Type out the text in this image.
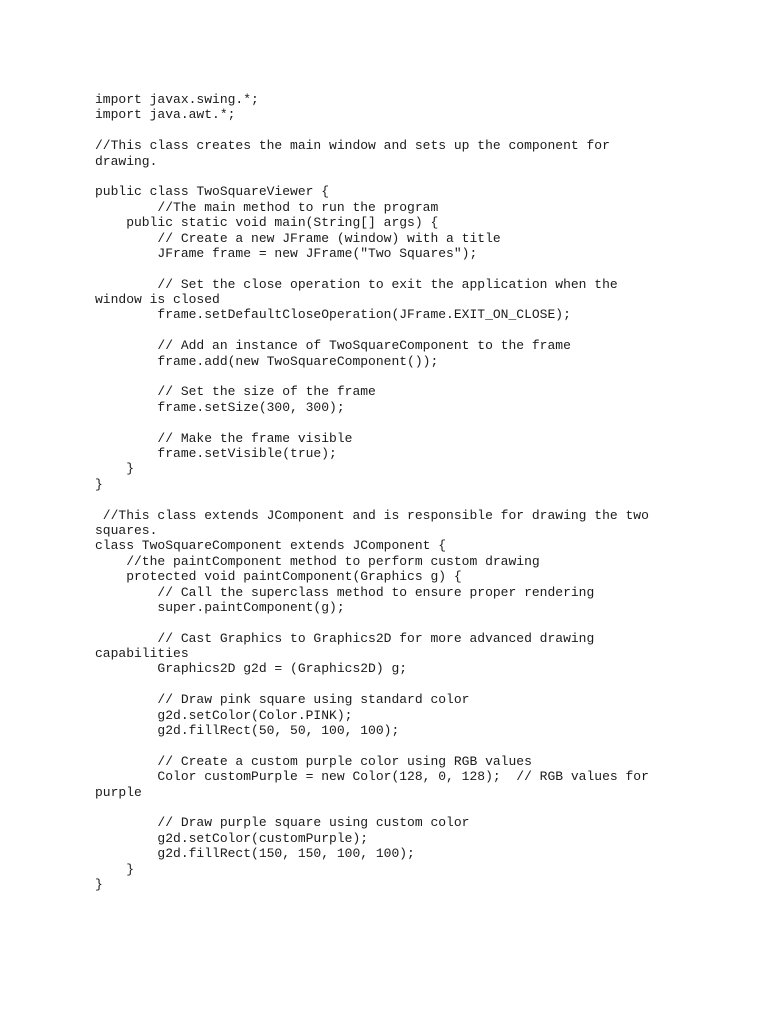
import javax.swing.*;
import java.awt.*;
//This class creates the main window and sets up the component for
drawing.
public class TwoSquareViewer {
//The main method to run the program
public static void main(String[] args) {
// Create a new JFrame (window) with a title
JFrame frame = new JFrame("Two Squares");
// Set the close operation to exit the application when the
window is closed
frame.setDefaultCloseOperation(JFrame.EXIT_ON_CLOSE);
// Add an instance of TwoSquareComponent to the frame
frame.add(new TwoSquareComponent());
// Set the size of the frame
frame.setSize(300, 300);
// Make the frame visible
frame.setVisible(true);
}
}
//This class extends JComponent and is responsible for drawing the two
squares.
class TwoSquareComponent extends JComponent {
//the paintComponent method to perform custom drawing
protected void paintComponent(Graphics g) {
// Call the superclass method to ensure proper rendering
super.paintComponent(g);
// Cast Graphics to Graphics2D for more advanced drawing
capabilities
Graphics2D g2d = (Graphics2D) g;
// Draw pink square using standard color
g2d.setColor(Color.PINK);
g2d.fillRect(50, 50, 100, 100);
// Create a custom purple color using RGB values
Color customPurple = new Color(128, 0, 128);  // RGB values for
purple
// Draw purple square using custom color
g2d.setColor(customPurple);
g2d.fillRect(150, 150, 100, 100);
}
}
